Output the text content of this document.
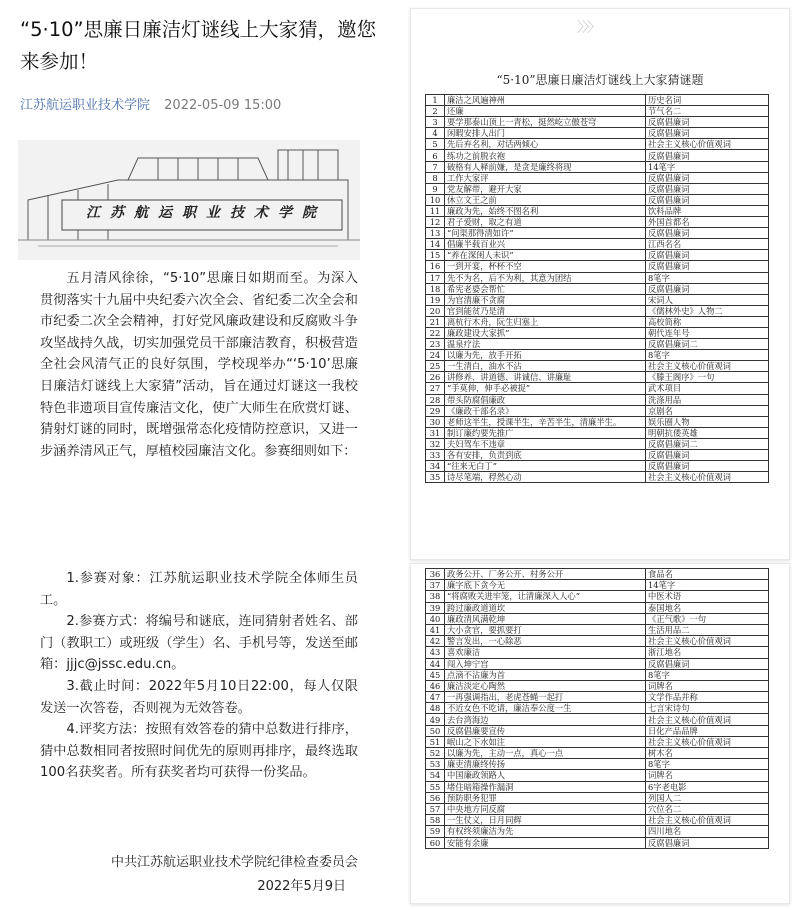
“5·10”思廉日廉洁灯谜线上大家猜，邀您来参加！
江苏航运职业技术学院 2022-05-09 15:00
江苏航运职业技术学院

五月清风徐徐，“5·10”思廉日如期而至。为深入贯彻落实十九届中央纪委六次全会、省纪委二次全会和市纪委二次全会精神，打好党风廉政建设和反腐败斗争攻坚战持久战，切实加强党员干部廉洁教育，积极营造全社会风清气正的良好氛围，学校现举办“‘5·10’思廉日廉洁灯谜线上大家猜”活动，旨在通过灯谜这一我校特色非遗项目宣传廉洁文化，使广大师生在欣赏灯谜、猜射灯谜的同时，既增强常态化疫情防控意识，又进一步涵养清风正气，厚植校园廉洁文化。参赛细则如下：

1.参赛对象：江苏航运职业技术学院全体师生员工。

2.参赛方式：将编号和谜底，连同猜射者姓名、部门（教职工）或班级（学生）名、手机号等，发送至邮箱：jjjc@jssc.edu.cn。

3.截止时间：2022年5月10日22:00，每人仅限发送一次答卷，否则视为无效答卷。

4.评奖方法：按照有效答卷的猜中总数进行排序，猜中总数相同者按照时间优先的原则再排序，最终选取100名获奖者。所有获奖者均可获得一份奖品。

中共江苏航运职业技术学院纪律检查委员会
2022年5月9日
〉〉〉
“5·10”思廉日廉洁灯谜线上大家猜谜题
1	廉洁之风遍神州	历史名词
2	还廉	节气名二
3	要学那泰山顶上一青松，挺然屹立傲苍穹	反腐倡廉词
4	闲暇安排人出门	反腐倡廉词
5	先后弃名利，对话两倾心	社会主义核心价值观词
6	练功之前脱衣袍	反腐倡廉词
7	破格有人释前嫌，是贪是廉终将现	14笔字
8	工作大家评	反腐倡廉词
9	党友解带，避开大家	反腐倡廉词
10	休立文王之前	反腐倡廉词
11	廉政为先，始终不图名利	饮料品牌
12	君子爱财，取之有道	外国首都名
13	“问渠那得清如许”	反腐倡廉词
14	倡廉半载百业兴	江西名名
15	“养在深闺人未识”	反腐倡廉词
16	一到开宴，杯杯不空	反腐倡廉词
17	先不为名，后不为利，其意为团结	8笔字
18	希宪老婆会帮忙	反腐倡廉词
19	为官清廉不贪腐	宋词人
20	官到能贫乃是清	《儒林外史》人物二
21	离杭行木舟，阮生归塞上	高校简称
22	廉政建设大家抓”	朝代连年号
23	温泉疗法	反腐倡廉词二
24	以廉为先，放手开拓	8笔字
25	一生清白，油水不沾	社会主义核心价值观词
26	讲修养、讲道德、讲诚信、讲廉耻	《滕王阁序》一句
27	“手莫伸，伸手必被捉”	武术项目
28	带头防腐倡廉政	洗涤用品
29	《廉政干部名录》	京剧名
30	老师这半生，授课半生，辛苦半生，清廉半生。	娱乐圈人物
31	制订廉约要先推广	明朝抗倭英雄
32	夫妇驾车不违章	反腐倡廉词二
33	各有安排，负责到底	反腐倡廉词
34	“往来无白丁”	反腐倡廉词
35	诗尽笔端，稃然心动	社会主义核心价值观词
36	政务公开、厂务公开、村务公开	食品名
37	廉字底下贪今无	14笔字
38	“将腐败关进牢笼，让清廉深入人心”	中医术语
39	跨过廉政道道坎	泰国地名
40	廉政清风满乾坤	《正气歌》一句
41	大小贪官，要抓要打	生活用品二
42	警言发出，一心除恶	社会主义核心价值观词
43	喜欢廉洁	浙江地名
44	闯入坤宁宫	反腐倡廉词
45	点滴不沾廉为首	8笔字
46	廉洁淡定心陶然	词牌名
47	一再强调指出，老虎苍蝇一起打	文学作品并称
48	不近女色不吃请，廉洁奉公度一生	七言宋诗句
49	去台湾海边	社会主义核心价值观词
50	反腐倡廉要宣传	日化产品品牌
51	岷山之下水如注	社会主义核心价值观词
52	以廉为先，主动一点，真心一点	树木名
53	廉吏清廉终传扬	8笔字
54	中国廉政领路人	词牌名
55	堵住暗箱操作漏洞	6字老电影
56	预防职务犯罪	列国人二
57	中央地方同反腐	穴位名二
58	一生仗义，日月同辉	社会主义核心价值观词
59	有权终须廉洁为先	四川地名
60	安能有余廉	反腐倡廉词
